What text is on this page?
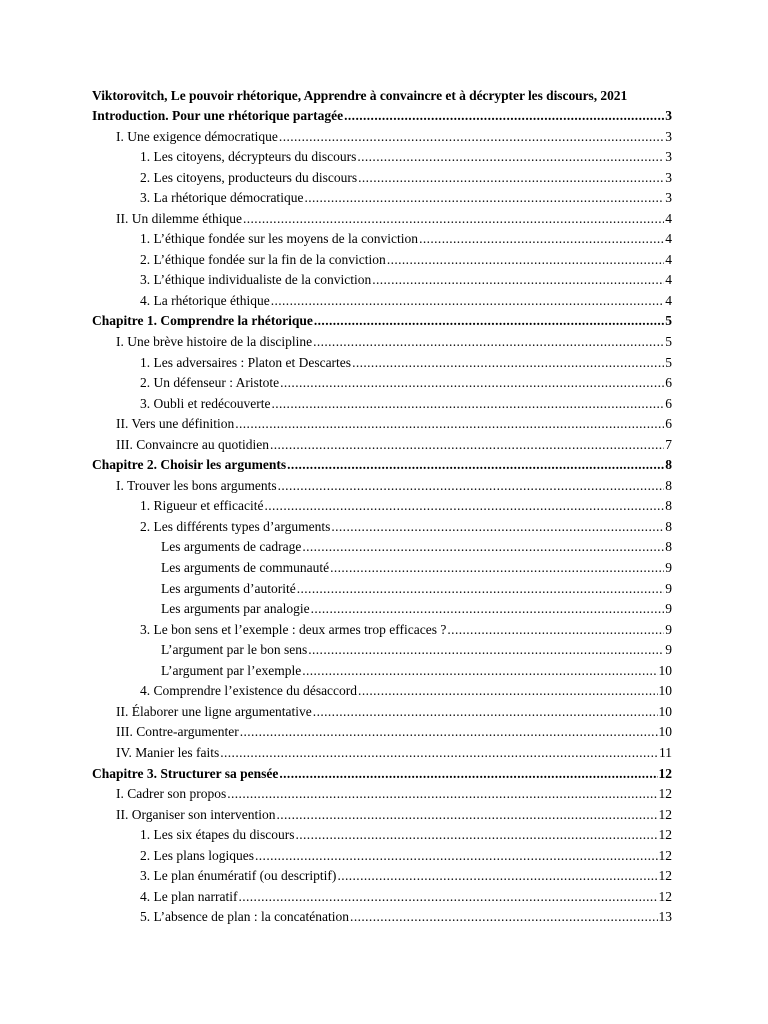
Viktorovitch, Le pouvoir rhétorique, Apprendre à convaincre et à décrypter les discours, 2021
Introduction. Pour une rhétorique partagée .....	3
I. Une exigence démocratique .....	3
1. Les citoyens, décrypteurs du discours .....	3
2. Les citoyens, producteurs du discours .....	3
3. La rhétorique démocratique .....	3
II. Un dilemme éthique .....	4
1. L’éthique fondée sur les moyens de la conviction .....	4
2. L’éthique fondée sur la fin de la conviction .....	4
3. L’éthique individualiste de la conviction .....	4
4. La rhétorique éthique .....	4
Chapitre 1. Comprendre la rhétorique .....	5
I. Une brève histoire de la discipline .....	5
1. Les adversaires : Platon et Descartes .....	5
2. Un défenseur : Aristote .....	6
3. Oubli et redécouverte .....	6
II. Vers une définition .....	6
III. Convaincre au quotidien .....	7
Chapitre 2. Choisir les arguments .....	8
I. Trouver les bons arguments .....	8
1. Rigueur et efficacité .....	8
2. Les différents types d’arguments .....	8
Les arguments de cadrage .....	8
Les arguments de communauté .....	9
Les arguments d’autorité .....	9
Les arguments par analogie .....	9
3. Le bon sens et l’exemple : deux armes trop efficaces ? .....	9
L’argument par le bon sens .....	9
L’argument par l’exemple .....	10
4. Comprendre l’existence du désaccord .....	10
II. Élaborer une ligne argumentative .....	10
III. Contre-argumenter .....	10
IV. Manier les faits .....	11
Chapitre 3. Structurer sa pensée .....	12
I. Cadrer son propos .....	12
II. Organiser son intervention .....	12
1. Les six étapes du discours .....	12
2. Les plans logiques .....	12
3. Le plan énumératif (ou descriptif) .....	12
4. Le plan narratif .....	12
5. L’absence de plan : la concaténation .....	13
